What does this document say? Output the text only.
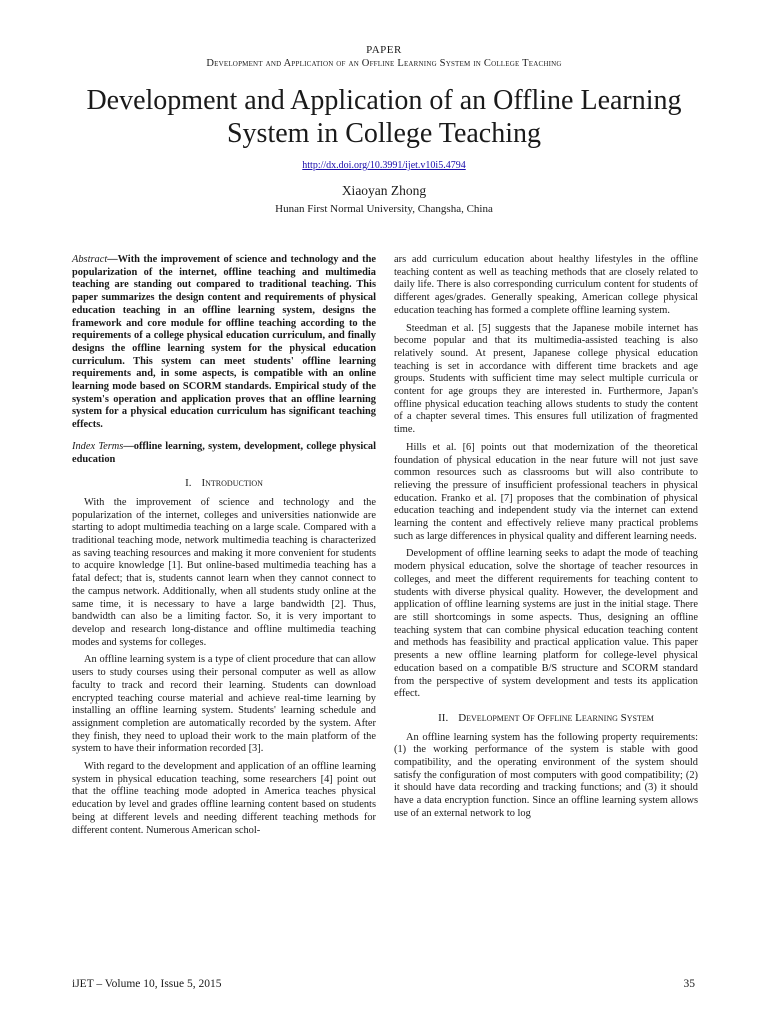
PAPER
Development and Application of an Offline Learning System in College Teaching
Development and Application of an Offline Learning System in College Teaching
http://dx.doi.org/10.3991/ijet.v10i5.4794
Xiaoyan Zhong
Hunan First Normal University, Changsha, China

Abstract—With the improvement of science and technology and the popularization of the internet, offline teaching and multimedia teaching are standing out compared to traditional teaching. This paper summarizes the design content and requirements of physical education teaching in an offline learning system, designs the framework and core module for offline teaching according to the requirements of a college physical education curriculum, and finally designs the offline learning system for the physical education curriculum. This system can meet students' offline learning requirements and, in some aspects, is compatible with an online learning mode based on SCORM standards. Empirical study of the system's operation and application proves that an offline learning system for a physical education curriculum has significant teaching effects.

Index Terms—offline learning, system, development, college physical education

I. Introduction

With the improvement of science and technology and the popularization of the internet, colleges and universities nationwide are starting to adopt multimedia teaching on a large scale. Compared with a traditional teaching mode, network multimedia teaching is characterized as saving teaching resources and making it more convenient for students to acquire knowledge [1]. But online-based multimedia teaching has a fatal defect; that is, students cannot learn when they cannot connect to the campus network. Additionally, when all students study online at the same time, it is necessary to have a large bandwidth [2]. Thus, bandwidth can also be a limiting factor. So, it is very important to develop and research long-distance and offline multimedia teaching modes and systems for colleges.

An offline learning system is a type of client procedure that can allow users to study courses using their personal computer as well as allow faculty to track and record their learning. Students can download encrypted teaching course material and achieve real-time learning by installing an offline learning system. Students' learning schedule and assignment completion are automatically recorded by the system. After they finish, they need to upload their work to the main platform of the system to have their information recorded [3].

With regard to the development and application of an offline learning system in physical education teaching, some researchers [4] point out that the offline teaching mode adopted in America teaches physical education by level and grades offline learning content based on students being at different levels and needing different teaching methods for different content. Numerous American schol-

ars add curriculum education about healthy lifestyles in the offline teaching content as well as teaching methods that are closely related to daily life. There is also corresponding curriculum content for students of different ages/grades. Generally speaking, American college physical education teaching has formed a complete offline learning system.

Steedman et al. [5] suggests that the Japanese mobile internet has become popular and that its multimedia-assisted teaching is also relatively sound. At present, Japanese college physical education teaching is set in accordance with different time brackets and age groups. Students with sufficient time may select multiple curricula or content for age groups they are interested in. Furthermore, Japan's offline physical education teaching allows students to study the content of a chapter several times. This ensures full utilization of fragmented time.

Hills et al. [6] points out that modernization of the theoretical foundation of physical education in the near future will not just save common resources such as classrooms but will also contribute to relieving the pressure of insufficient professional teachers in physical education. Franko et al. [7] proposes that the combination of physical education teaching and independent study via the internet can extend learning the content and effectively relieve many practical problems such as large differences in physical quality and different learning needs.

Development of offline learning seeks to adapt the mode of teaching modern physical education, solve the shortage of teacher resources in colleges, and meet the different requirements for teaching content to students with diverse physical quality. However, the development and application of offline learning systems are just in the initial stage. There are still shortcomings in some aspects. Thus, designing an offline teaching system that can combine physical education teaching content and methods has feasibility and practical application value. This paper presents a new offline learning platform for college-level physical education based on a compatible B/S structure and SCORM standard from the perspective of system development and tests its application effect.

II. Development Of Offline Learning System

An offline learning system has the following property requirements: (1) the working performance of the system is stable with good compatibility, and the operating environment of the system should satisfy the configuration of most computers with good compatibility; (2) it should have data recording and tracking functions; and (3) it should have a data encryption function. Since an offline learning system allows use of an external network to log

iJET – Volume 10, Issue 5, 2015	35
